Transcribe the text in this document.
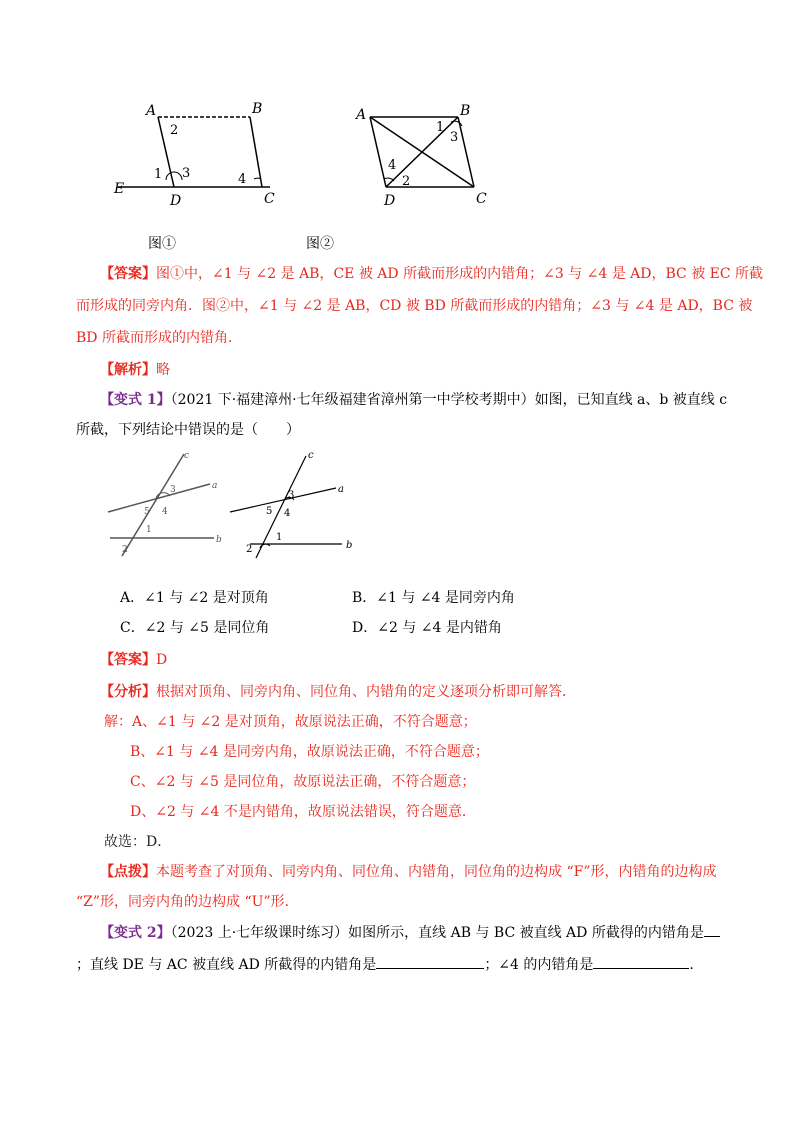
A	B
C
D
E
1
2
3	4
图①
A	B
C
D
1
2
3
4
图②
【答案】图①中，∠1 与 ∠2 是 AB，CE 被 AD 所截而形成的内错角；∠3 与 ∠4 是 AD，BC 被 EC 所截
而形成的同旁内角．图②中，∠1 与 ∠2 是 AB，CD 被 BD 所截而形成的内错角；∠3 与 ∠4 是 AD，BC 被
BD 所截而形成的内错角．
【解析】略
【变式 1】（2021 下·福建漳州·七年级福建省漳州第一中学校考期中）如图，已知直线 a、b 被直线 c
所截，下列结论中错误的是（　　）
c
a
b
1
2
3
4
5
c
a
b
1
2
3
4
5
A．∠1 与 ∠2 是对顶角	B．∠1 与 ∠4 是同旁内角
C．∠2 与 ∠5 是同位角	D．∠2 与 ∠4 是内错角
【答案】D
【分析】根据对顶角、同旁内角、同位角、内错角的定义逐项分析即可解答．
解：A、∠1 与 ∠2 是对顶角，故原说法正确，不符合题意；
B、∠1 与 ∠4 是同旁内角，故原说法正确，不符合题意；
C、∠2 与 ∠5 是同位角，故原说法正确，不符合题意；
D、∠2 与 ∠4 不是内错角，故原说法错误，符合题意．
故选：D．
【点拨】本题考查了对顶角、同旁内角、同位角、内错角，同位角的边构成 “F”形，内错角的边构成
“Z”形，同旁内角的边构成 “U”形．
【变式 2】（2023 上·七年级课时练习）如图所示，直线 AB 与 BC 被直线 AD 所截得的内错角是
；直线 DE 与 AC 被直线 AD 所截得的内错角是	；∠4 的内错角是	.
